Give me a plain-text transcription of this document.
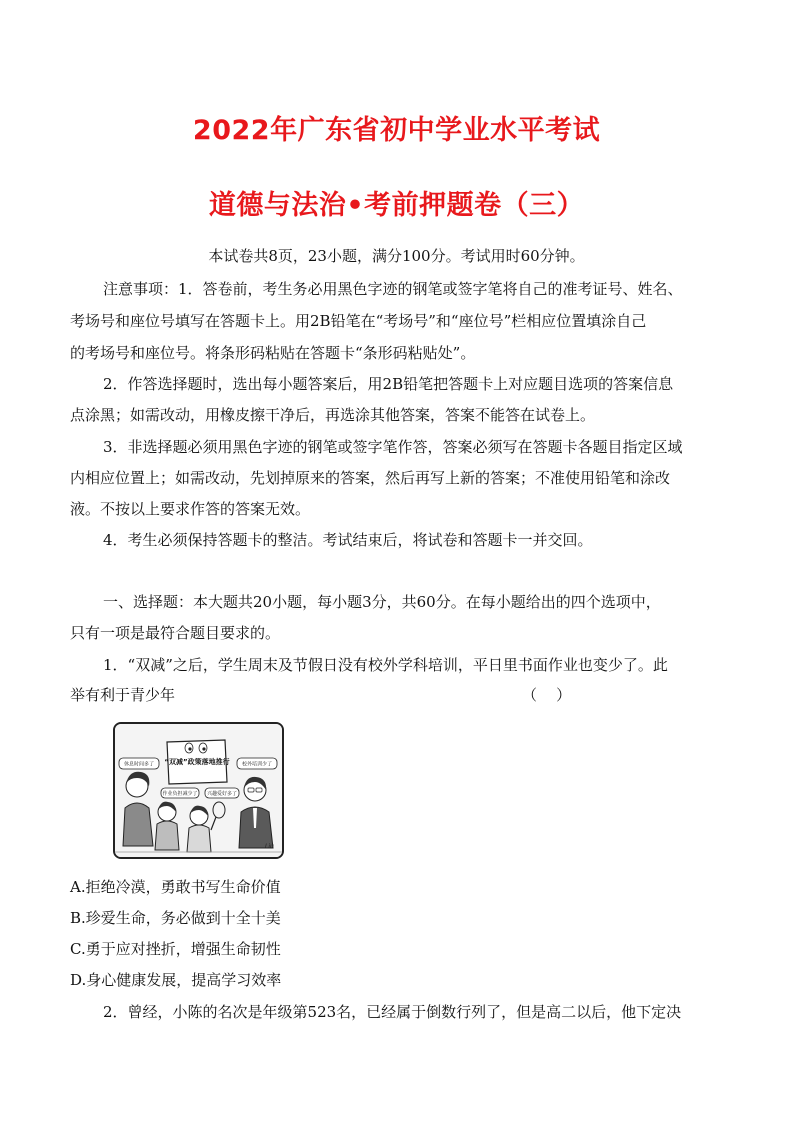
2022年广东省初中学业水平考试
道德与法治•考前押题卷（三）
本试卷共8页，23小题，满分100分。考试用时60分钟。
注意事项：1．答卷前，考生务必用黑色字迹的钢笔或签字笔将自己的准考证号、姓名、
考场号和座位号填写在答题卡上。用2B铅笔在“考场号”和“座位号”栏相应位置填涂自己
的考场号和座位号。将条形码粘贴在答题卡“条形码粘贴处”。
2．作答选择题时，选出每小题答案后，用2B铅笔把答题卡上对应题目选项的答案信息
点涂黑；如需改动，用橡皮擦干净后，再选涂其他答案，答案不能答在试卷上。
3．非选择题必须用黑色字迹的钢笔或签字笔作答，答案必须写在答题卡各题目指定区域
内相应位置上；如需改动，先划掉原来的答案，然后再写上新的答案；不准使用铅笔和涂改
液。不按以上要求作答的答案无效。
4．考生必须保持答题卡的整洁。考试结束后，将试卷和答题卡一并交回。
一、选择题：本大题共20小题，每小题3分，共60分。在每小题给出的四个选项中，
只有一项是最符合题目要求的。
1．“双减”之后，学生周末及节假日没有校外学科培训，平日里书面作业也变少了。此
举有利于青少年	（    ）
“双减”政策落地推行
休息时间多了	校外培训少了
作业负担减少了 兴趣爱好多了
Liu
A.拒绝冷漠，勇敢书写生命价值
B.珍爱生命，务必做到十全十美
C.勇于应对挫折，增强生命韧性
D.身心健康发展，提高学习效率
2．曾经，小陈的名次是年级第523名，已经属于倒数行列了，但是高二以后，他下定决
